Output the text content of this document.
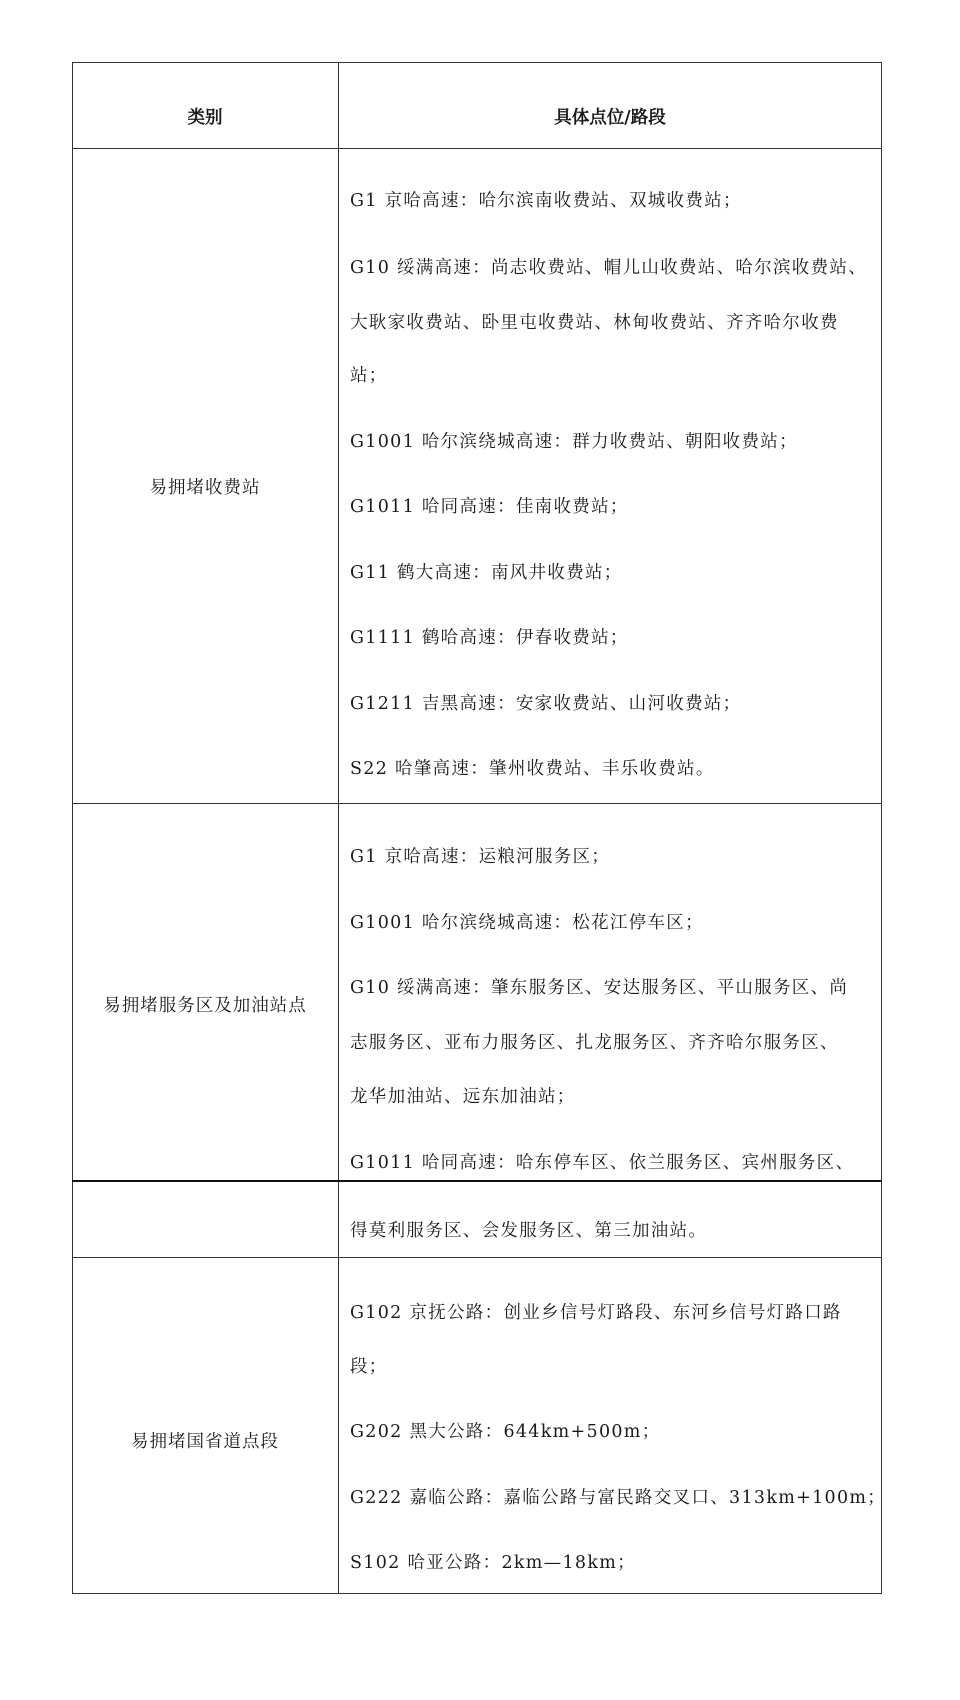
类别	具体点位/路段
易拥堵收费站
G1 京哈高速：哈尔滨南收费站、双城收费站；
G10 绥满高速：尚志收费站、帽儿山收费站、哈尔滨收费站、
大耿家收费站、卧里屯收费站、林甸收费站、齐齐哈尔收费
站；
G1001 哈尔滨绕城高速：群力收费站、朝阳收费站；
G1011 哈同高速：佳南收费站；
G11 鹤大高速：南风井收费站；
G1111 鹤哈高速：伊春收费站；
G1211 吉黑高速：安家收费站、山河收费站；
S22 哈肇高速：肇州收费站、丰乐收费站。
易拥堵服务区及加油站点
G1 京哈高速：运粮河服务区；
G1001 哈尔滨绕城高速：松花江停车区；
G10 绥满高速：肇东服务区、安达服务区、平山服务区、尚
志服务区、亚布力服务区、扎龙服务区、齐齐哈尔服务区、
龙华加油站、远东加油站；
G1011 哈同高速：哈东停车区、依兰服务区、宾州服务区、
得莫利服务区、会发服务区、第三加油站。
易拥堵国省道点段
G102 京抚公路：创业乡信号灯路段、东河乡信号灯路口路
段；
G202 黑大公路：644km+500m；
G222 嘉临公路：嘉临公路与富民路交叉口、313km+100m；
S102 哈亚公路：2km—18km；
